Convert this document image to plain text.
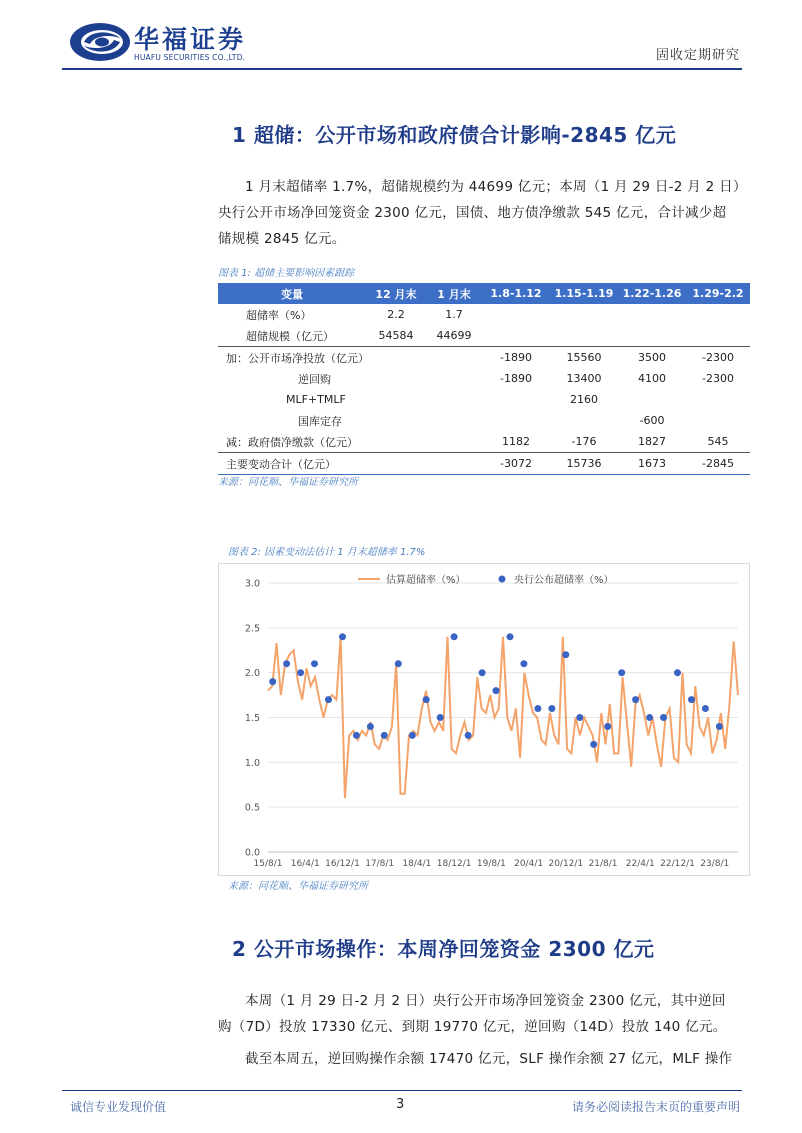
华福证券
HUAFU SECURITIES CO.,LTD.	固收定期研究
1 超储：公开市场和政府债合计影响-2845 亿元
1 月末超储率 1.7%，超储规模约为 44699 亿元；本周（1 月 29 日-2 月 2 日）
央行公开市场净回笼资金 2300 亿元，国债、地方债净缴款 545 亿元，合计减少超
储规模 2845 亿元。
图表 1: 超储主要影响因素跟踪
变量	12 月末	1 月末	1.8-1.12	1.15-1.19	1.22-1.26	1.29-2.2
超储率（%）	2.2	1.7				
超储规模（亿元）	54584	44699				
加：公开市场净投放（亿元）			-1890	15560	3500	-2300
逆回购			-1890	13400	4100	-2300
MLF+TMLF				2160		
国库定存					-600	
减：政府债净缴款（亿元）			1182	-176	1827	545
主要变动合计（亿元）			-3072	15736	1673	-2845
来源：同花顺、华福证券研究所
图表 2: 因素变动法估计 1 月末超储率 1.7%
0.0
0.5
1.0
1.5
2.0
2.5
3.0
15/8/1 16/4/1 16/12/1 17/8/1 18/4/1 18/12/1 19/8/1 20/4/1 20/12/1 21/8/1 22/4/1 22/12/1 23/8/1
估算超储率（%）	央行公布超储率（%）
来源：同花顺、华福证券研究所
2 公开市场操作：本周净回笼资金 2300 亿元
本周（1 月 29 日-2 月 2 日）央行公开市场净回笼资金 2300 亿元，其中逆回
购（7D）投放 17330 亿元、到期 19770 亿元，逆回购（14D）投放 140 亿元。
截至本周五，逆回购操作余额 17470 亿元，SLF 操作余额 27 亿元，MLF 操作
诚信专业发现价值	3	请务必阅读报告末页的重要声明
